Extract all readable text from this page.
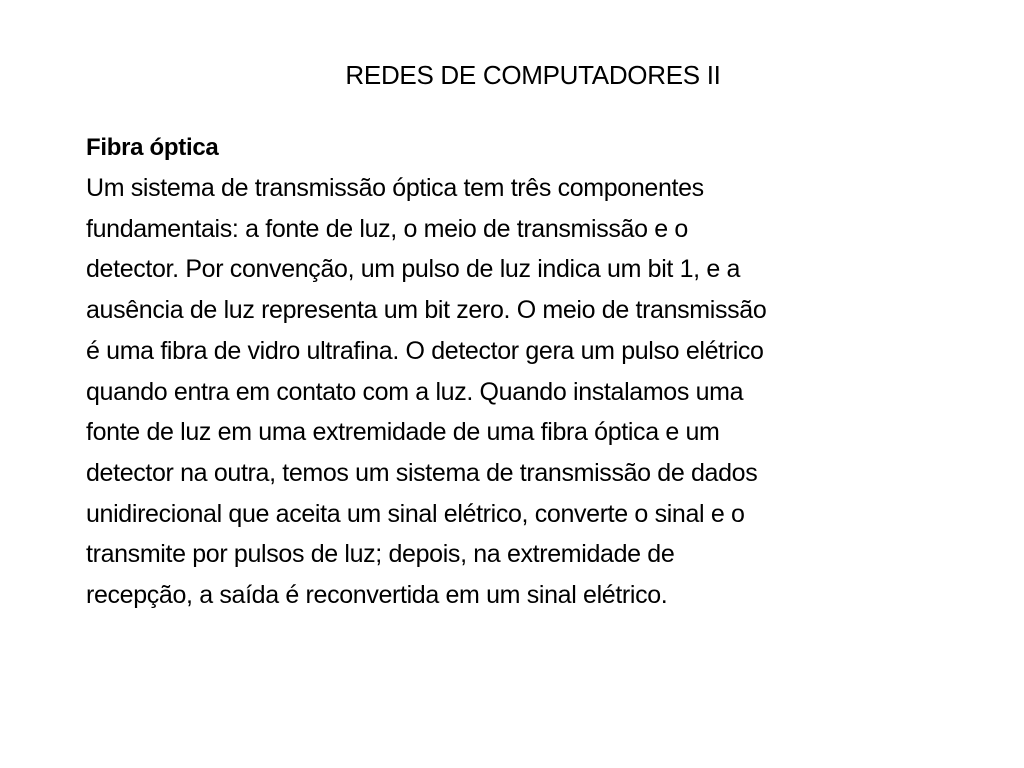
REDES DE COMPUTADORES II
Fibra óptica
Um sistema de transmissão óptica tem três componentes
fundamentais: a fonte de luz, o meio de transmissão e o
detector. Por convenção, um pulso de luz indica um bit 1, e a
ausência de luz representa um bit zero. O meio de transmissão
é uma fibra de vidro ultrafina. O detector gera um pulso elétrico
quando entra em contato com a luz. Quando instalamos uma
fonte de luz em uma extremidade de uma fibra óptica e um
detector na outra, temos um sistema de transmissão de dados
unidirecional que aceita um sinal elétrico, converte o sinal e o
transmite por pulsos de luz; depois, na extremidade de
recepção, a saída é reconvertida em um sinal elétrico.
